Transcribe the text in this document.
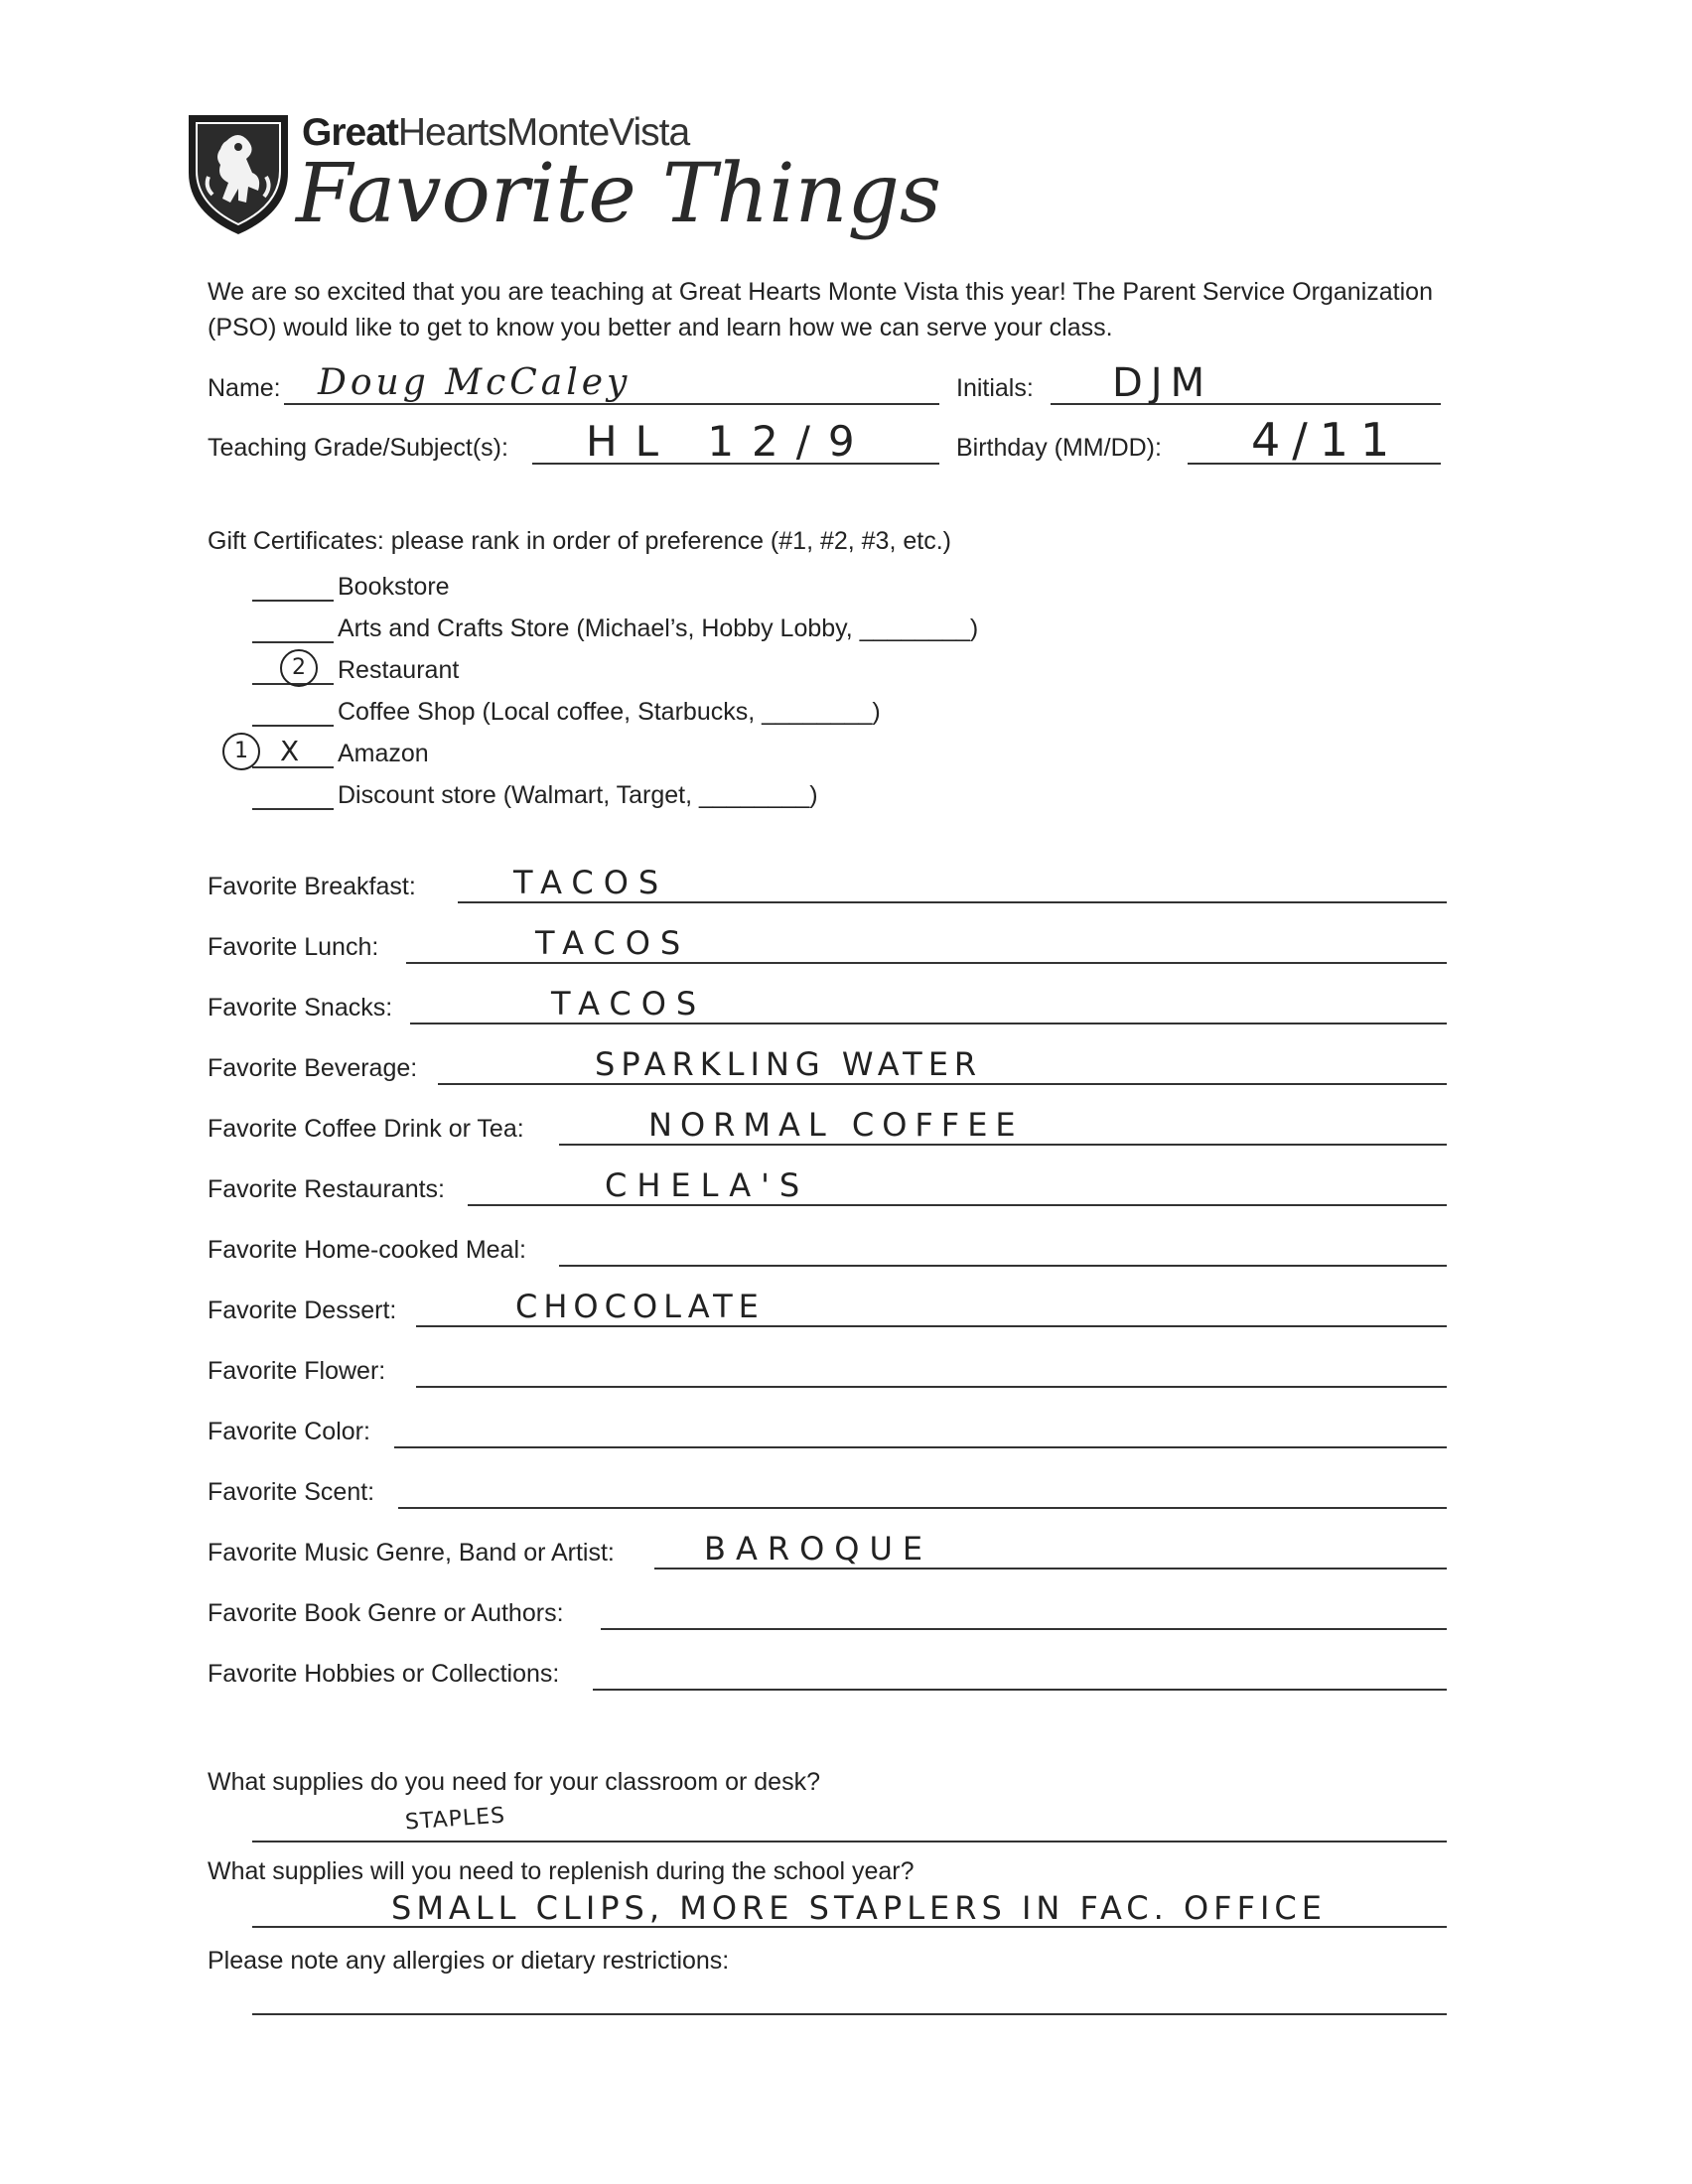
GreatHeartsMonteVista
Favorite Things
We are so excited that you are teaching at Great Hearts Monte Vista this year! The Parent Service Organization (PSO) would like to get to know you better and learn how we can serve your class.
Name: Doug McCaley	Initials: DJM
Teaching Grade/Subject(s): HL 12/9	Birthday (MM/DD): 4/11
Gift Certificates: please rank in order of preference (#1, #2, #3, etc.)
Bookstore
Arts and Crafts Store (Michael’s, Hobby Lobby, ________)
2	Restaurant
Coffee Shop (Local coffee, Starbucks, ________)
1	X Amazon
Discount store (Walmart, Target, ________)
Favorite Breakfast:	TACOS
Favorite Lunch:	TACOS
Favorite Snacks:	TACOS
Favorite Beverage:	SPARKLING WATER
Favorite Coffee Drink or Tea:	NORMAL COFFEE
Favorite Restaurants:	CHELA'S
Favorite Home-cooked Meal:
Favorite Dessert:	CHOCOLATE
Favorite Flower:
Favorite Color:
Favorite Scent:
Favorite Music Genre, Band or Artist:	BAROQUE
Favorite Book Genre or Authors:
Favorite Hobbies or Collections:
What supplies do you need for your classroom or desk?
STAPLES
What supplies will you need to replenish during the school year?
SMALL CLIPS, MORE STAPLERS IN FAC. OFFICE
Please note any allergies or dietary restrictions:
